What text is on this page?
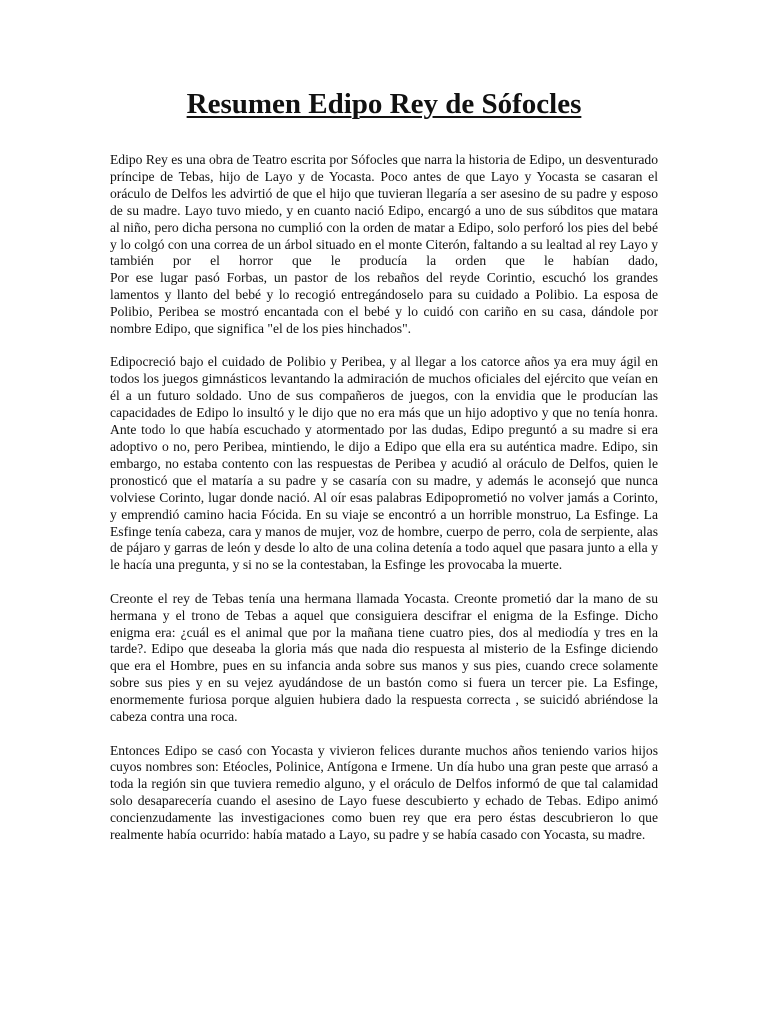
Resumen Edipo Rey de Sófocles

Edipo Rey es una obra de Teatro escrita por Sófocles que narra la historia de Edipo, un desventurado príncipe de Tebas, hijo de Layo y de Yocasta. Poco antes de que Layo y Yocasta se casaran el oráculo de Delfos les advirtió de que el hijo que tuvieran llegaría a ser asesino de su padre y esposo de su madre. Layo tuvo miedo, y en cuanto nació Edipo, encargó a uno de sus súbditos que matara al niño, pero dicha persona no cumplió con la orden de matar a Edipo, solo perforó los pies del bebé y lo colgó con una correa de un árbol situado en el monte Citerón, faltando a su lealtad al rey Layo y también por el horror que le producía la orden que le habían dado,
Por ese lugar pasó Forbas, un pastor de los rebaños del reyde Corintio, escuchó los grandes lamentos y llanto del bebé y lo recogió entregándoselo para su cuidado a Polibio. La esposa de Polibio, Peribea se mostró encantada con el bebé y lo cuidó con cariño en su casa, dándole por nombre Edipo, que significa "el de los pies hinchados".

Edipocreció bajo el cuidado de Polibio y Peribea, y al llegar a los catorce años ya era muy ágil en todos los juegos gimnásticos levantando la admiración de muchos oficiales del ejército que veían en él a un futuro soldado. Uno de sus compañeros de juegos, con la envidia que le producían las capacidades de Edipo lo insultó y le dijo que no era más que un hijo adoptivo y que no tenía honra. Ante todo lo que había escuchado y atormentado por las dudas, Edipo preguntó a su madre si era adoptivo o no, pero Peribea, mintiendo, le dijo a Edipo que ella era su auténtica madre. Edipo, sin embargo, no estaba contento con las respuestas de Peribea y acudió al oráculo de Delfos, quien le pronosticó que el mataría a su padre y se casaría con su madre, y además le aconsejó que nunca volviese Corinto, lugar donde nació. Al oír esas palabras Edipoprometió no volver jamás a Corinto, y emprendió camino hacia Fócida. En su viaje se encontró a un horrible monstruo, La Esfinge. La Esfinge tenía cabeza, cara y manos de mujer, voz de hombre, cuerpo de perro, cola de serpiente, alas de pájaro y garras de león y desde lo alto de una colina detenía a todo aquel que pasara junto a ella y le hacía una pregunta, y si no se la contestaban, la Esfinge les provocaba la muerte.

Creonte el rey de Tebas tenía una hermana llamada Yocasta. Creonte prometió dar la mano de su hermana y el trono de Tebas a aquel que consiguiera descifrar el enigma de la Esfinge. Dicho enigma era: ¿cuál es el animal que por la mañana tiene cuatro pies, dos al mediodía y tres en la tarde?. Edipo que deseaba la gloria más que nada dio respuesta al misterio de la Esfinge diciendo que era el Hombre, pues en su infancia anda sobre sus manos y sus pies, cuando crece solamente sobre sus pies y en su vejez ayudándose de un bastón como si fuera un tercer pie. La Esfinge, enormemente furiosa porque alguien hubiera dado la respuesta correcta , se suicidó abriéndose la cabeza contra una roca.

Entonces Edipo se casó con Yocasta y vivieron felices durante muchos años teniendo varios hijos cuyos nombres son: Etéocles, Polinice, Antígona e Irmene. Un día hubo una gran peste que arrasó a toda la región sin que tuviera remedio alguno, y el oráculo de Delfos informó de que tal calamidad solo desaparecería cuando el asesino de Layo fuese descubierto y echado de Tebas. Edipo animó concienzudamente las investigaciones como buen rey que era pero éstas descubrieron lo que realmente había ocurrido: había matado a Layo, su padre y se había casado con Yocasta, su madre.
